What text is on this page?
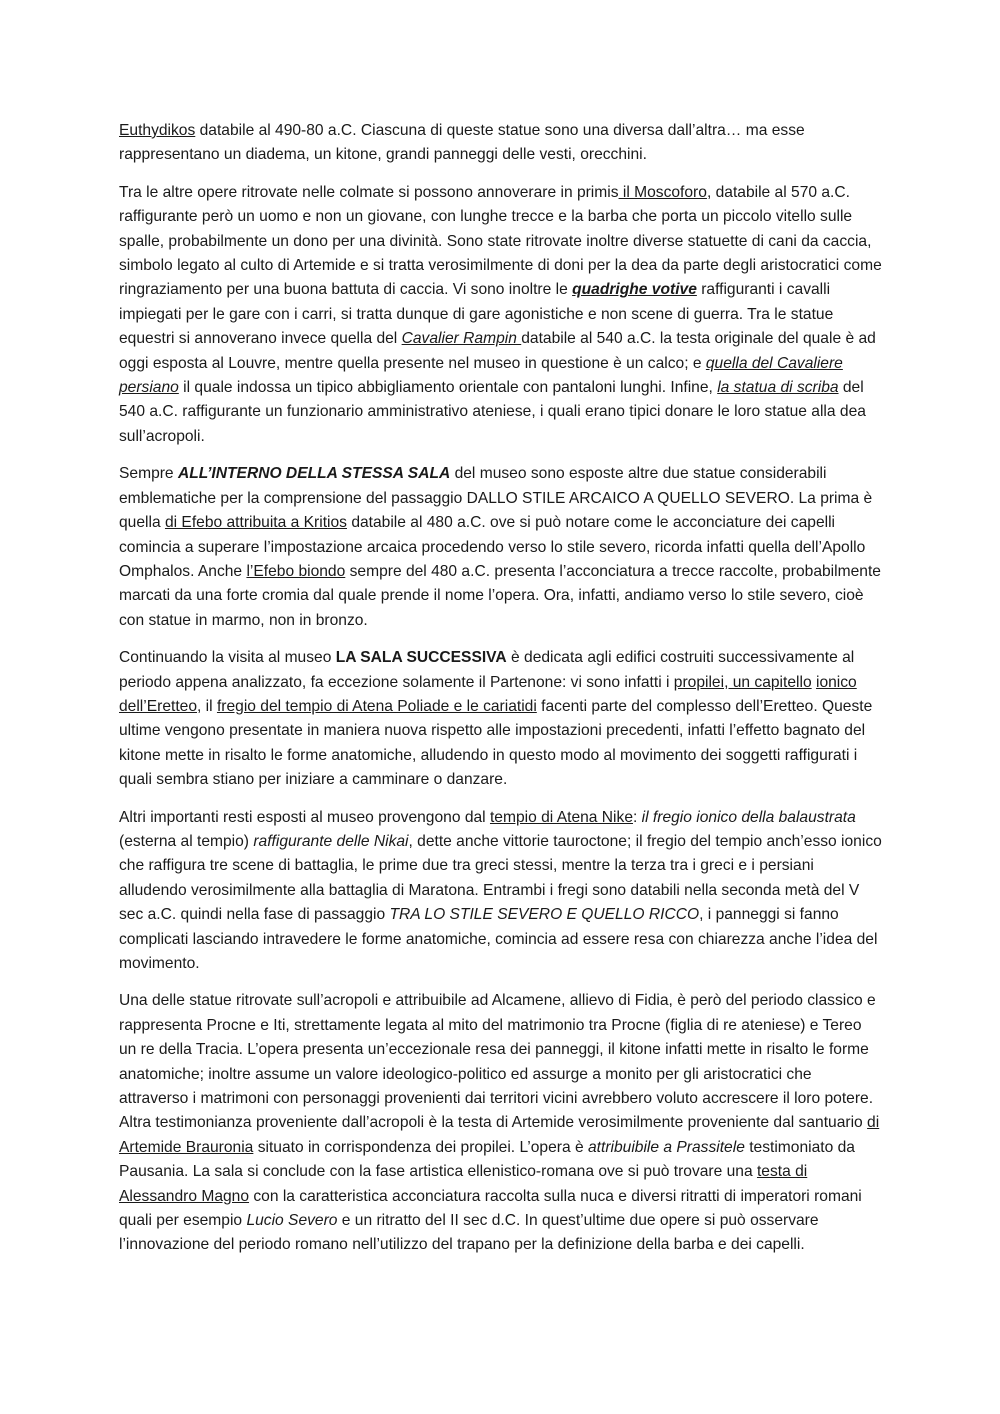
Euthydikos databile al 490-80 a.C. Ciascuna di queste statue sono una diversa dall’altra… ma esse rappresentano un diadema, un kitone, grandi panneggi delle vesti, orecchini.

Tra le altre opere ritrovate nelle colmate si possono annoverare in primis il Moscoforo, databile al 570 a.C. raffigurante però un uomo e non un giovane, con lunghe trecce e la barba che porta un piccolo vitello sulle spalle, probabilmente un dono per una divinità. Sono state ritrovate inoltre diverse statuette di cani da caccia, simbolo legato al culto di Artemide e si tratta verosimilmente di doni per la dea da parte degli aristocratici come ringraziamento per una buona battuta di caccia. Vi sono inoltre le quadrighe votive raffiguranti i cavalli impiegati per le gare con i carri, si tratta dunque di gare agonistiche e non scene di guerra. Tra le statue equestri si annoverano invece quella del Cavalier Rampin databile al 540 a.C. la testa originale del quale è ad oggi esposta al Louvre, mentre quella presente nel museo in questione è un calco; e quella del Cavaliere persiano il quale indossa un tipico abbigliamento orientale con pantaloni lunghi. Infine, la statua di scriba del 540 a.C. raffigurante un funzionario amministrativo ateniese, i quali erano tipici donare le loro statue alla dea sull’acropoli.

Sempre ALL’INTERNO DELLA STESSA SALA del museo sono esposte altre due statue considerabili emblematiche per la comprensione del passaggio DALLO STILE ARCAICO A QUELLO SEVERO. La prima è quella di Efebo attribuita a Kritios databile al 480 a.C. ove si può notare come le acconciature dei capelli comincia a superare l’impostazione arcaica procedendo verso lo stile severo, ricorda infatti quella dell’Apollo Omphalos. Anche l’Efebo biondo sempre del 480 a.C. presenta l’acconciatura a trecce raccolte, probabilmente marcati da una forte cromia dal quale prende il nome l’opera. Ora, infatti, andiamo verso lo stile severo, cioè con statue in marmo, non in bronzo.

Continuando la visita al museo LA SALA SUCCESSIVA è dedicata agli edifici costruiti successivamente al periodo appena analizzato, fa eccezione solamente il Partenone: vi sono infatti i propilei, un capitello ionico dell’Eretteo, il fregio del tempio di Atena Poliade e le cariatidi facenti parte del complesso dell’Eretteo. Queste ultime vengono presentate in maniera nuova rispetto alle impostazioni precedenti, infatti l’effetto bagnato del kitone mette in risalto le forme anatomiche, alludendo in questo modo al movimento dei soggetti raffigurati i quali sembra stiano per iniziare a camminare o danzare.

Altri importanti resti esposti al museo provengono dal tempio di Atena Nike: il fregio ionico della balaustrata (esterna al tempio) raffigurante delle Nikai, dette anche vittorie tauroctone; il fregio del tempio anch’esso ionico che raffigura tre scene di battaglia, le prime due tra greci stessi, mentre la terza tra i greci e i persiani alludendo verosimilmente alla battaglia di Maratona. Entrambi i fregi sono databili nella seconda metà del V sec a.C. quindi nella fase di passaggio TRA LO STILE SEVERO E QUELLO RICCO, i panneggi si fanno complicati lasciando intravedere le forme anatomiche, comincia ad essere resa con chiarezza anche l’idea del movimento.

Una delle statue ritrovate sull’acropoli e attribuibile ad Alcamene, allievo di Fidia, è però del periodo classico e rappresenta Procne e Iti, strettamente legata al mito del matrimonio tra Procne (figlia di re ateniese) e Tereo un re della Tracia. L’opera presenta un’eccezionale resa dei panneggi, il kitone infatti mette in risalto le forme anatomiche; inoltre assume un valore ideologico-politico ed assurge a monito per gli aristocratici che attraverso i matrimoni con personaggi provenienti dai territori vicini avrebbero voluto accrescere il loro potere. Altra testimonianza proveniente dall’acropoli è la testa di Artemide verosimilmente proveniente dal santuario di Artemide Brauronia situato in corrispondenza dei propilei. L’opera è attribuibile a Prassitele testimoniato da Pausania. La sala si conclude con la fase artistica ellenistico-romana ove si può trovare una testa di Alessandro Magno con la caratteristica acconciatura raccolta sulla nuca e diversi ritratti di imperatori romani quali per esempio Lucio Severo e un ritratto del II sec d.C. In quest’ultime due opere si può osservare l’innovazione del periodo romano nell’utilizzo del trapano per la definizione della barba e dei capelli.
